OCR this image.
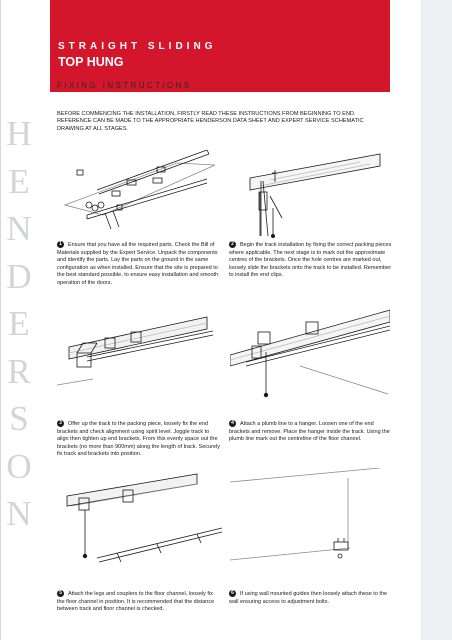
H
E
N
D
E
R
S
O
N
STRAIGHT SLIDING
TOP HUNG
FIXING INSTRUCTIONS
BEFORE COMMENCING THE INSTALLATION, FIRSTLY READ THESE INSTRUCTIONS FROM BEGINNING TO END. REFERENCE CAN BE MADE TO THE APPROPRIATE HENDERSON DATA SHEET AND EXPERT SERVICE SCHEMATIC DRAWING AT ALL STAGES.
1 Ensure that you have all the required parts. Check the Bill of Materials supplied by the Expert Service. Unpack the components and identify the parts. Lay the parts on the ground in the same configuration as when installed. Ensure that the site is prepared to the best standard possible, to ensure easy installation and smooth operation of the doors.
2 Begin the track installation by fixing the correct packing pieces where applicable. The next stage is to mark out the approximate centres of the brackets. Once the hole centres are marked out, loosely slide the brackets onto the track to be installed. Remember to install the end clips.
3 Offer up the track to the packing piece, loosely fix the end brackets and check alignment using spirit level. Joggle track to align then tighten up end brackets. From this evenly space out the brackets (no more than 900mm) along the length of track. Securely fix track and brackets into position.
4 Attach a plumb line to a hanger. Loosen one of the end brackets and remove. Place the hanger inside the track. Using the plumb line mark out the centreline of the floor channel.
5 Attach the legs and couplers to the floor channel, loosely fix the floor channel in position. It is recommended that the distance between track and floor channel is checked.
6 If using wall mounted guides then loosely attach these to the wall ensuring access to adjustment bolts.
